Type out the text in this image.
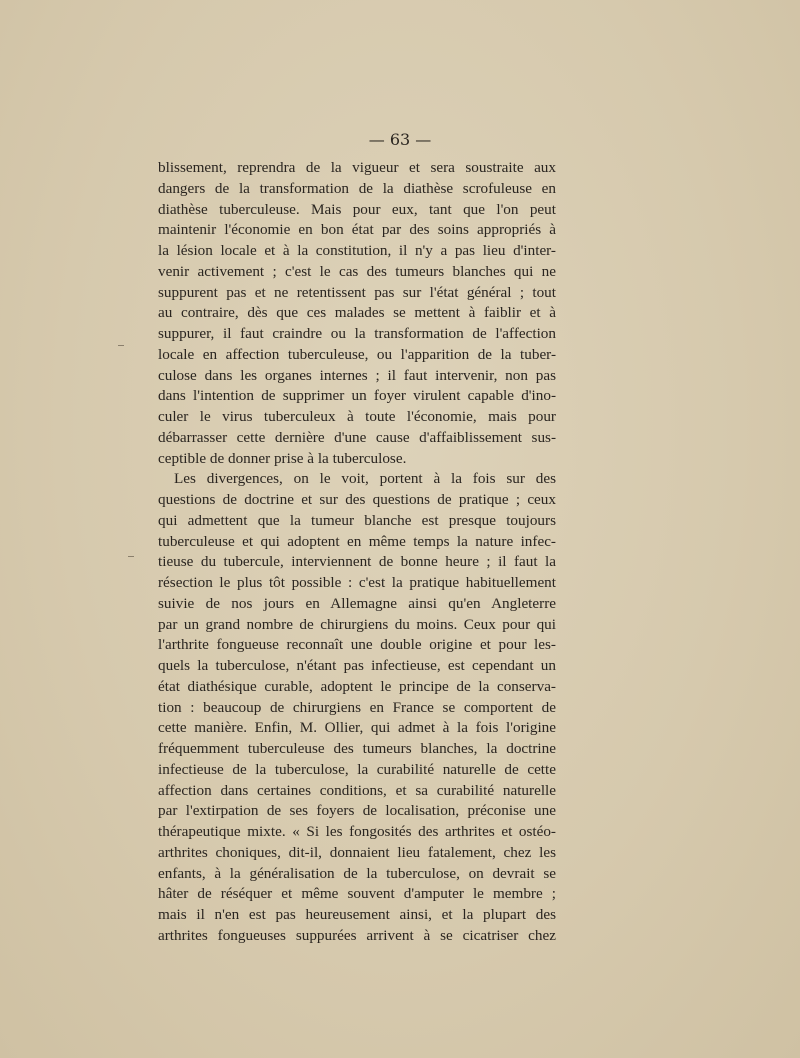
— 63 —
blissement, reprendra de la vigueur et sera soustraite aux
dangers de la transformation de la diathèse scrofuleuse en
diathèse tuberculeuse. Mais pour eux, tant que l'on peut
maintenir l'économie en bon état par des soins appropriés à
la lésion locale et à la constitution, il n'y a pas lieu d'inter-
venir activement ; c'est le cas des tumeurs blanches qui ne
suppurent pas et ne retentissent pas sur l'état général ; tout
au contraire, dès que ces malades se mettent à faiblir et à
suppurer, il faut craindre ou la transformation de l'affection
locale en affection tuberculeuse, ou l'apparition de la tuber-
culose dans les organes internes ; il faut intervenir, non pas
dans l'intention de supprimer un foyer virulent capable d'ino-
culer le virus tuberculeux à toute l'économie, mais pour
débarrasser cette dernière d'une cause d'affaiblissement sus-
ceptible de donner prise à la tuberculose.
Les divergences, on le voit, portent à la fois sur des
questions de doctrine et sur des questions de pratique ; ceux
qui admettent que la tumeur blanche est presque toujours
tuberculeuse et qui adoptent en même temps la nature infec-
tieuse du tubercule, interviennent de bonne heure ; il faut la
résection le plus tôt possible : c'est la pratique habituellement
suivie de nos jours en Allemagne ainsi qu'en Angleterre
par un grand nombre de chirurgiens du moins. Ceux pour qui
l'arthrite fongueuse reconnaît une double origine et pour les-
quels la tuberculose, n'étant pas infectieuse, est cependant un
état diathésique curable, adoptent le principe de la conserva-
tion : beaucoup de chirurgiens en France se comportent de
cette manière. Enfin, M. Ollier, qui admet à la fois l'origine
fréquemment tuberculeuse des tumeurs blanches, la doctrine
infectieuse de la tuberculose, la curabilité naturelle de cette
affection dans certaines conditions, et sa curabilité naturelle
par l'extirpation de ses foyers de localisation, préconise une
thérapeutique mixte. « Si les fongosités des arthrites et ostéo-
arthrites choniques, dit-il, donnaient lieu fatalement, chez les
enfants, à la généralisation de la tuberculose, on devrait se
hâter de réséquer et même souvent d'amputer le membre ;
mais il n'en est pas heureusement ainsi, et la plupart des
arthrites fongueuses suppurées arrivent à se cicatriser chez
